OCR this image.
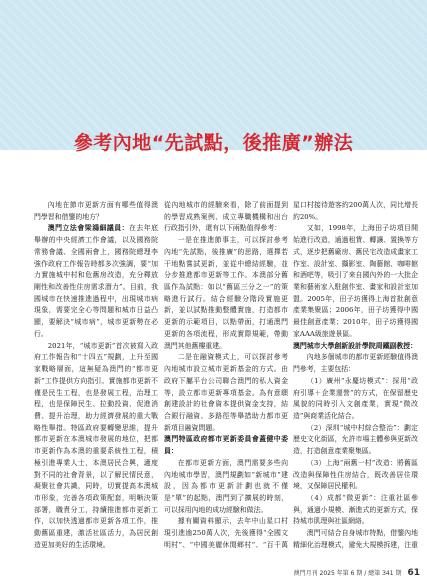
參考內地“先試點，後推廣”辦法

內地在節市更新方面有哪些值得澳門學習和借鑒的地方？

澳門立法會梁鴻細議員：在去年底舉辦的中央經濟工作會議，以及國務院常務會議、全國兩會上，國務院總理李強作政府工作報告時都多次強調，要“加力實施城中村和危舊房改造，充分釋放剛性和改善性住房需求潛力”。目前，我國城市在快速推進過程中，出現城市病現象，需要完全心等問題和城市日益凸顯，要解決“城市病”，城市更新勢在必行。

2021年，“城市更新”首次被寫入政府工作報告和“十四五”規劃，上升至國家戰略層面，這無疑為澳門的“都市更新”工作提供方向指引。實施都市更新不僅是民生工程，也是發展工程，治理工程，也是保障民生、拉動投資、促進消費、提升治理，助力經濟發展的重大戰略性舉措。特區政府要轉變思維，提升都市更新在本澳城市發展的地位，把都市更新作為本澳的重要系統性工程，積極引進專業人士，本澳居民合興，適度對不同的社會背景，以了解民情民意，凝聚社會共識，同時，切實提高本澳城市形象，完善各項政策配套，明晰決策部署，職責分工，持續推進都市更新工作，以加快透過都市更新各項工作，推動舊區重建，激活社區活力，為居民創造更加美好的生活環境。

從內地城市的經驗來看，除了前面提到的學習成熟案例、成立專職機構和出台行政指引外，還有以下兩點值得參考：

一是在推進節事主，可以探討參考內地“先試點，後推廣”的思路，選擇若干地點嘗試更新，並從中總結經驗，並分步推進都市更新等工作。本澳部分舊區作為試點：如以“舊區三分之一”的策略進行試行。結合經驗分階段實施更新，並以試點推動整體實施，打造都市更新的示範項目，以點帶面，打通澳門更新的各項流程，形成實際規範，帶動澳門其他舊樓重建。

二是在融資模式上，可以探討參考內地城市設立城市更新基金的方式。由政府下屬平台公司聯合澳門的私人資金等，設立都市更新專項基金。為有意願創建設計的社會資本提供資金支持，結合銀行融資、多路徑等舉措助力都市更新項目融資問題。

澳門特區政府都市更新委員會蓋健中委員：

在都市更新方面，澳門需要多些向內地城市學習，澳門規劃如“新城市”建設，因為都市更新計劃也就不僅是“單”的起點，澳門到了擴展的時刻，可以採用內地的成功經驗和做法。

據有關資料顯示，去年中山星口村現引進逾250萬人次，先後獲得“全國文明村”、“中國美麗休閒鄉村”、“百千萬

星口村接待遊客約200萬人次，同比增長約20%。

又如，1998年，上海田子坊項目開始進行改造，通過租賃、轉讓、置換等方式，逐步把舊廠房、舊民宅改造成畫家工作室、設計室、攝影室、陶藝館、咖啡館和酒吧等，吸引了來自國內外的一大批企業和藝術家入駐創作室、畫家和設計室加盟。2005年，田子坊獲得上海首批創意產業集聚區；2006年，田子坊獲得中國最佳創意產業；2010年，田子坊獲得國家AAA級旅遊景區。

澳門城市大學創新設計學院周鐵副教授：

內地多個城市的都市更新經驗值得澳門參考，主要包括：

（1）廣州“永慶坊模式”：採用“政府引導＋企業運營”的方式，在保留歷史風貌的同時引入文創產業，實現“微改造”與商業活化結合。

（2）深圳“城中村綜合整治”：劃定歷史文化街區，允許市場主體參與更新改造，打造創意產業聚集區。

（3）上海“兩舊一村”改造：將舊區改造與保障性住房結合，既改善居住環境，又保障居民權利。

（4）成都“微更新”：注重社區參與，通過小規模、漸進式的更新方式，保持城市肌理與社區網絡。

澳門可結合自身城市特點，借鑒內地精細化治理模式，避免大規模拆建，注重

澳門月刊 2025 年第 6 期 / 總第 341 期 61
